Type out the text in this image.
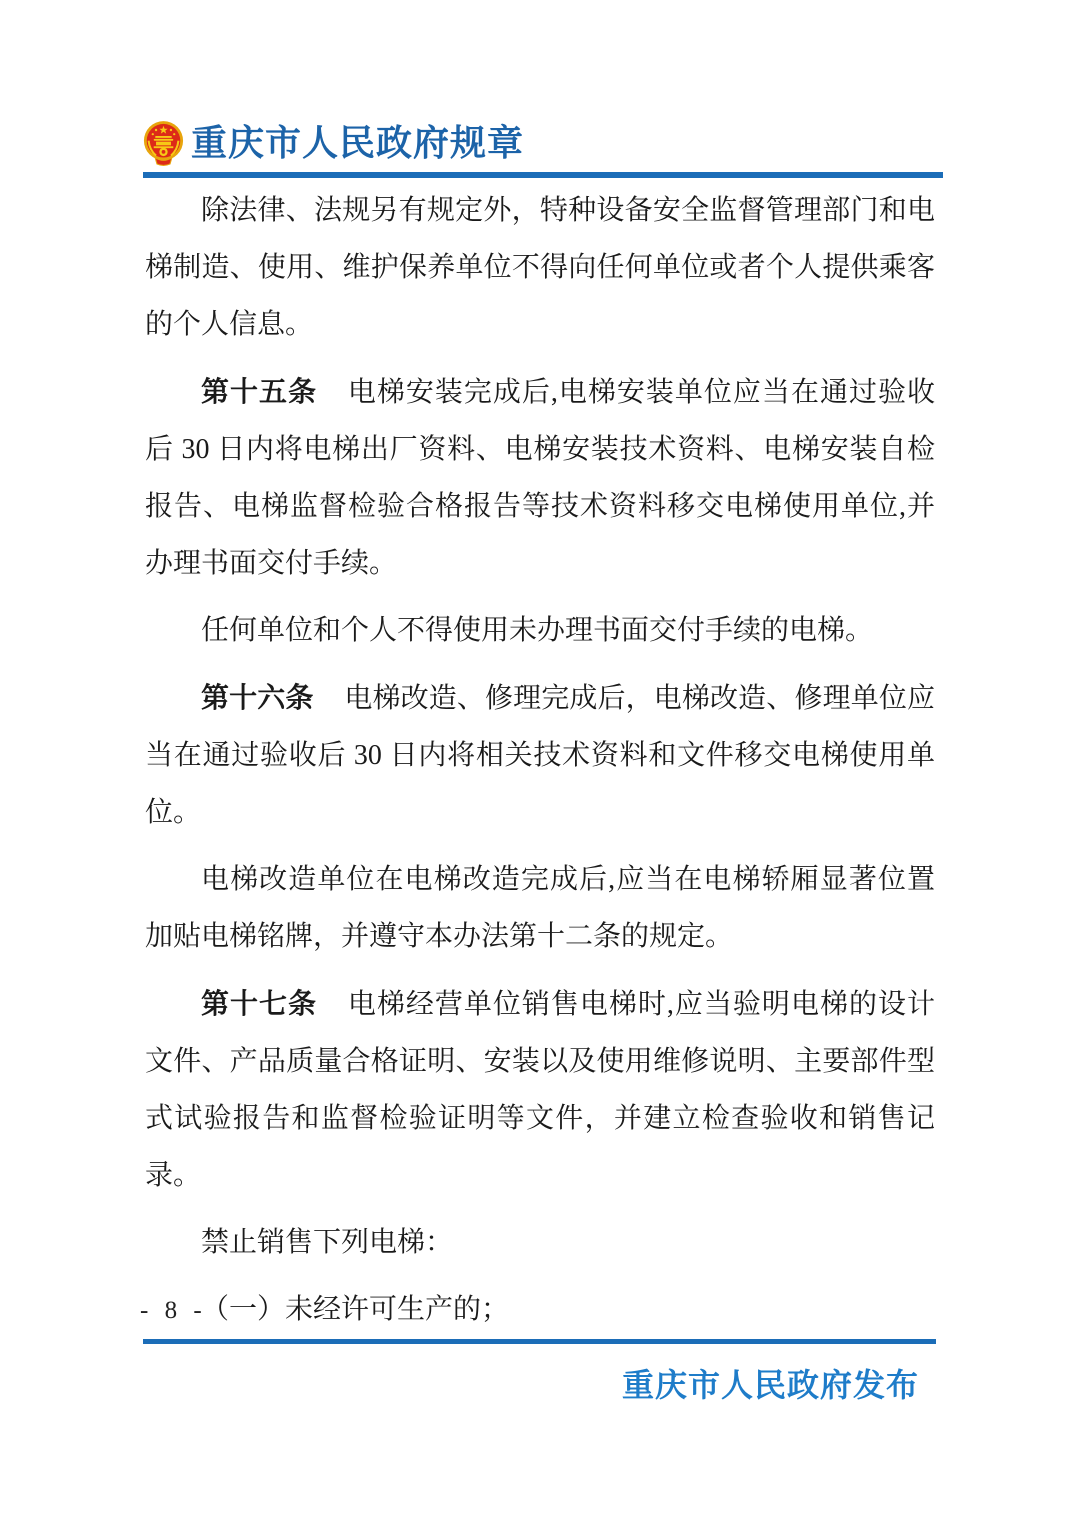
重庆市人民政府规章

除法律、法规另有规定外，特种设备安全监督管理部门和电梯制造、使用、维护保养单位不得向任何单位或者个人提供乘客的个人信息。

第十五条 电梯安装完成后,电梯安装单位应当在通过验收后 30 日内将电梯出厂资料、电梯安装技术资料、电梯安装自检报告、电梯监督检验合格报告等技术资料移交电梯使用单位,并办理书面交付手续。

任何单位和个人不得使用未办理书面交付手续的电梯。

第十六条 电梯改造、修理完成后，电梯改造、修理单位应当在通过验收后 30 日内将相关技术资料和文件移交电梯使用单位。

电梯改造单位在电梯改造完成后,应当在电梯轿厢显著位置加贴电梯铭牌，并遵守本办法第十二条的规定。

第十七条 电梯经营单位销售电梯时,应当验明电梯的设计文件、产品质量合格证明、安装以及使用维修说明、主要部件型式试验报告和监督检验证明等文件，并建立检查验收和销售记录。

禁止销售下列电梯：

（一）未经许可生产的；

- 8 -
重庆市人民政府发布
